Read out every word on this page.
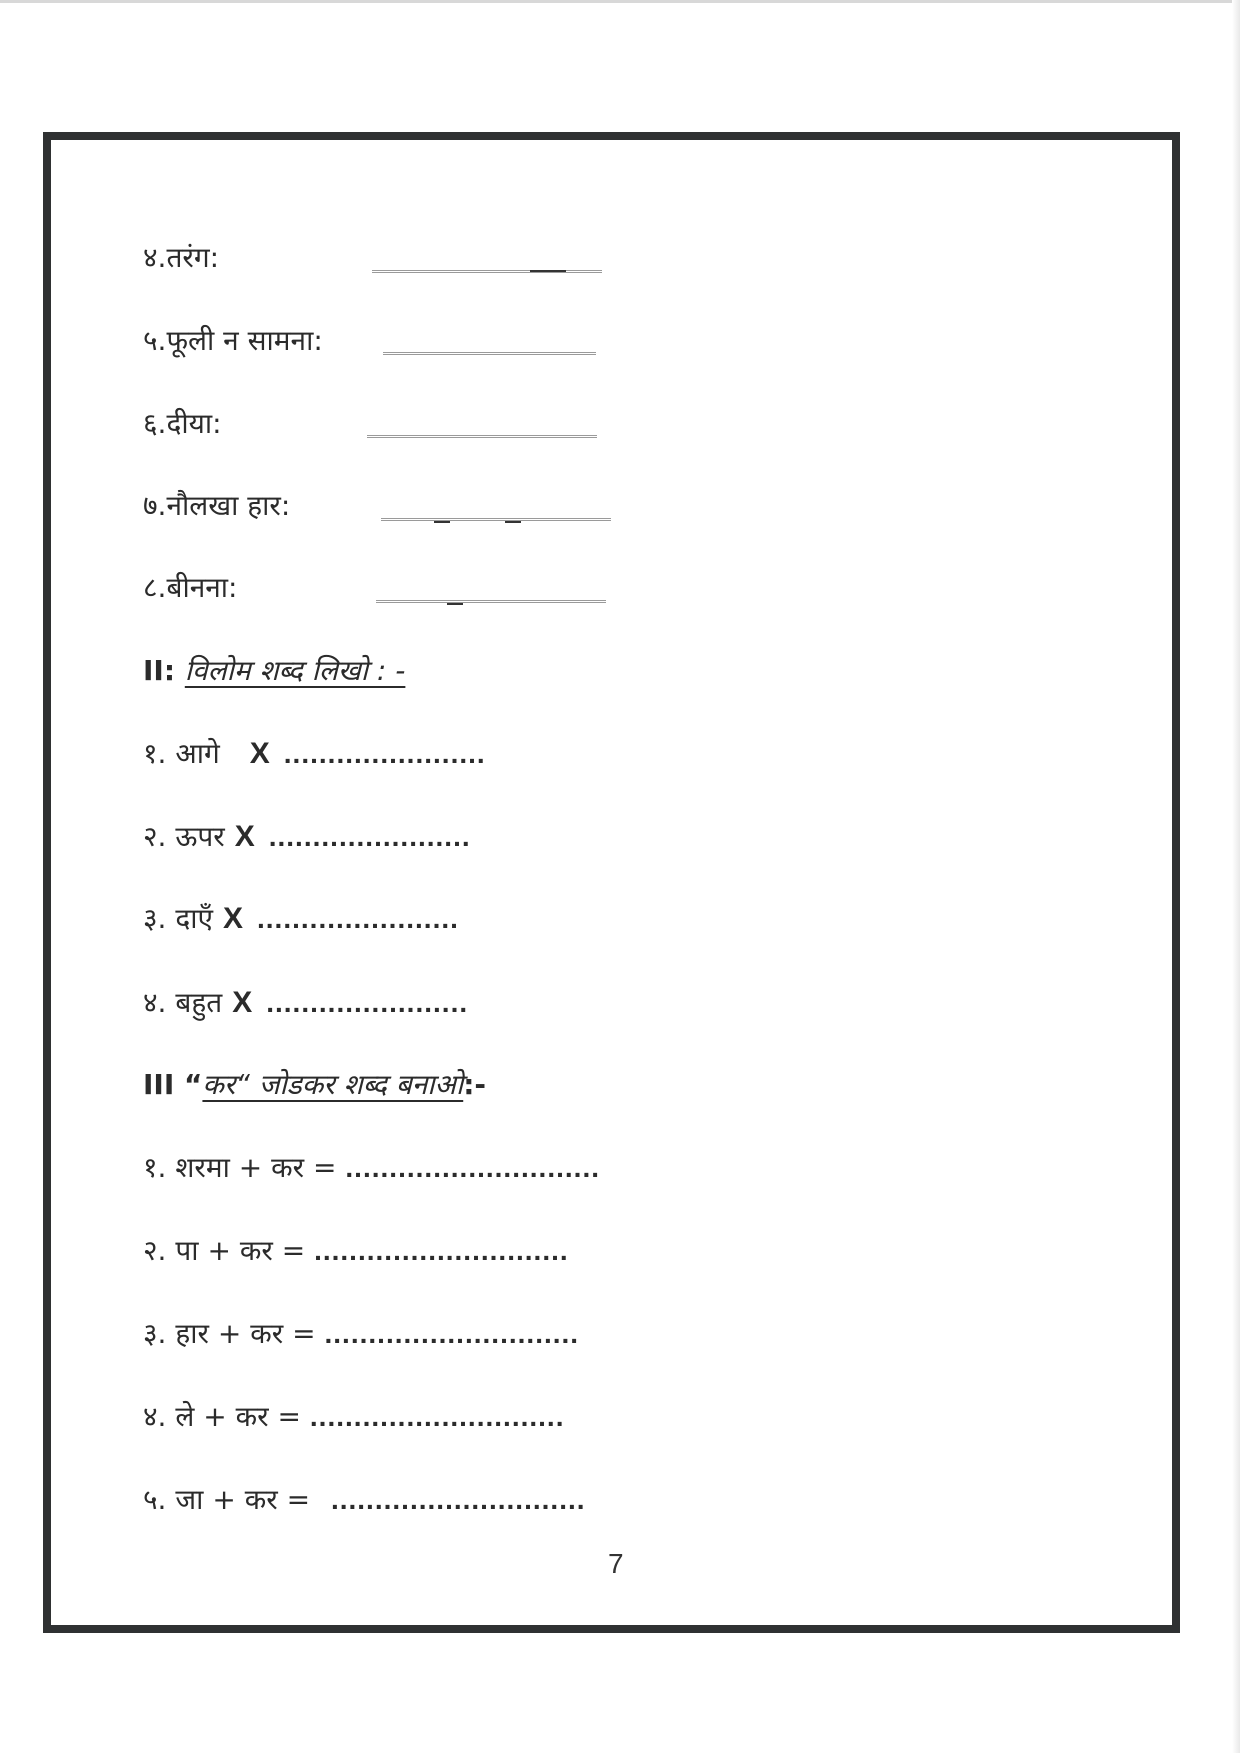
४.तरंग:
५.फूली न सामना:
६.दीया:
७.नौलखा हार:
८.बीनना:
II: विलोम शब्द लिखो : -
१. आगे X .......................
२. ऊपर X .......................
३. दाएँ X .......................
४. बहुत X .......................
III “कर“ जोडकर शब्द बनाओ:-
१. शरमा + कर = .............................
२. पा + कर = .............................
३. हार + कर = .............................
४. ले + कर = .............................
५. जा + कर = .............................
7
